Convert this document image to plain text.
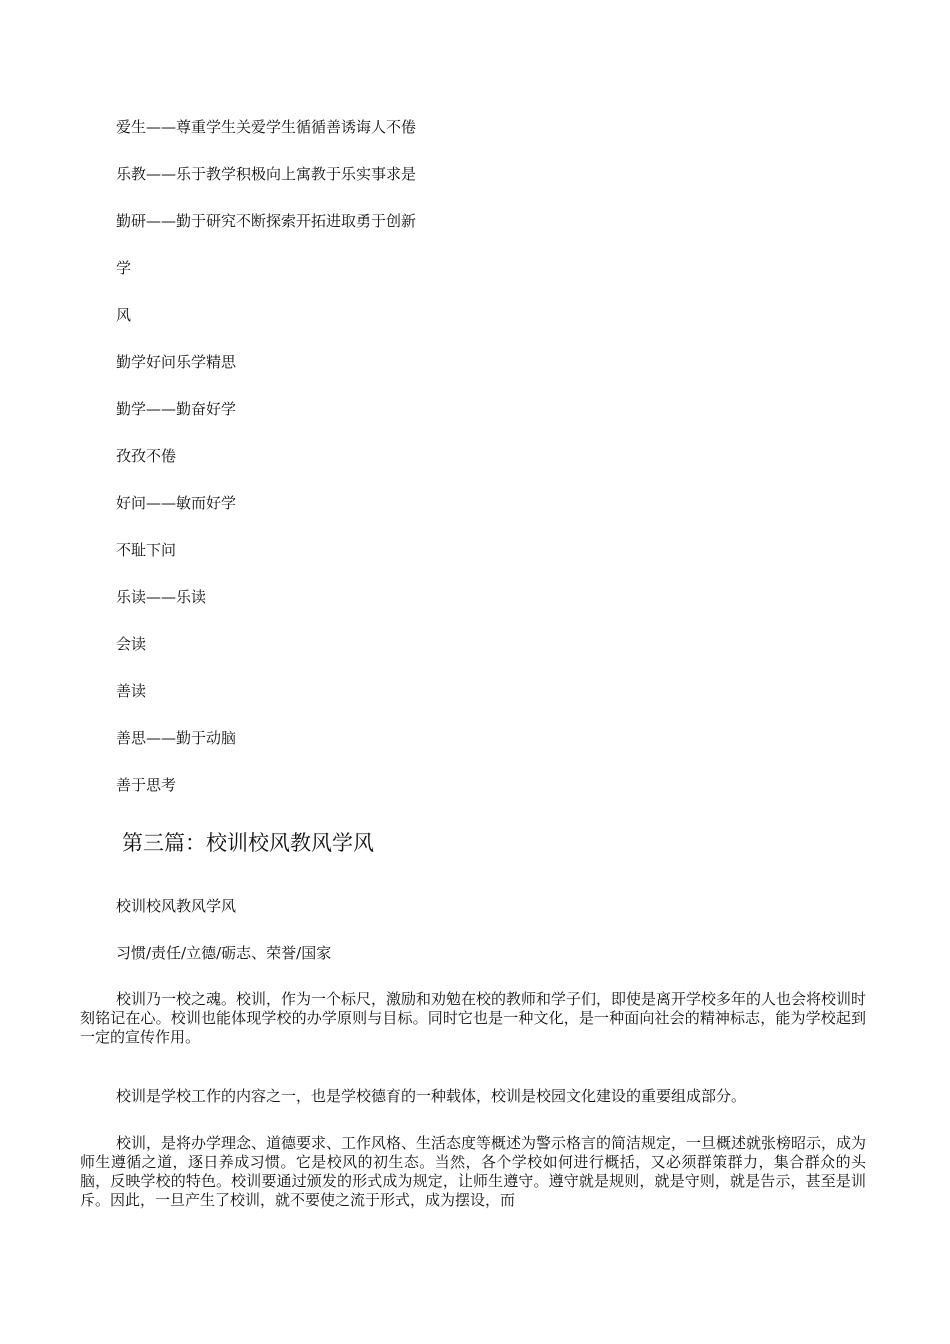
爱生——尊重学生关爱学生循循善诱诲人不倦
乐教——乐于教学积极向上寓教于乐实事求是
勤研——勤于研究不断探索开拓进取勇于创新
学
风
勤学好问乐学精思
勤学——勤奋好学
孜孜不倦
好问——敏而好学
不耻下问
乐读——乐读
会读
善读
善思——勤于动脑
善于思考
第三篇：校训校风教风学风
校训校风教风学风
习惯/责任/立德/砺志、荣誉/国家

校训乃一校之魂。校训，作为一个标尺，激励和劝勉在校的教师和学子们，即使是离开学校多年的人也会将校训时刻铭记在心。校训也能体现学校的办学原则与目标。同时它也是一种文化，是一种面向社会的精神标志，能为学校起到一定的宣传作用。

校训是学校工作的内容之一，也是学校德育的一种载体，校训是校园文化建设的重要组成部分。

校训，是将办学理念、道德要求、工作风格、生活态度等概述为警示格言的简洁规定，一旦概述就张榜昭示，成为师生遵循之道，逐日养成习惯。它是校风的初生态。当然，各个学校如何进行概括，又必须群策群力，集合群众的头脑，反映学校的特色。校训要通过颁发的形式成为规定，让师生遵守。遵守就是规则，就是守则，就是告示，甚至是训斥。因此，一旦产生了校训，就不要使之流于形式，成为摆设，而
